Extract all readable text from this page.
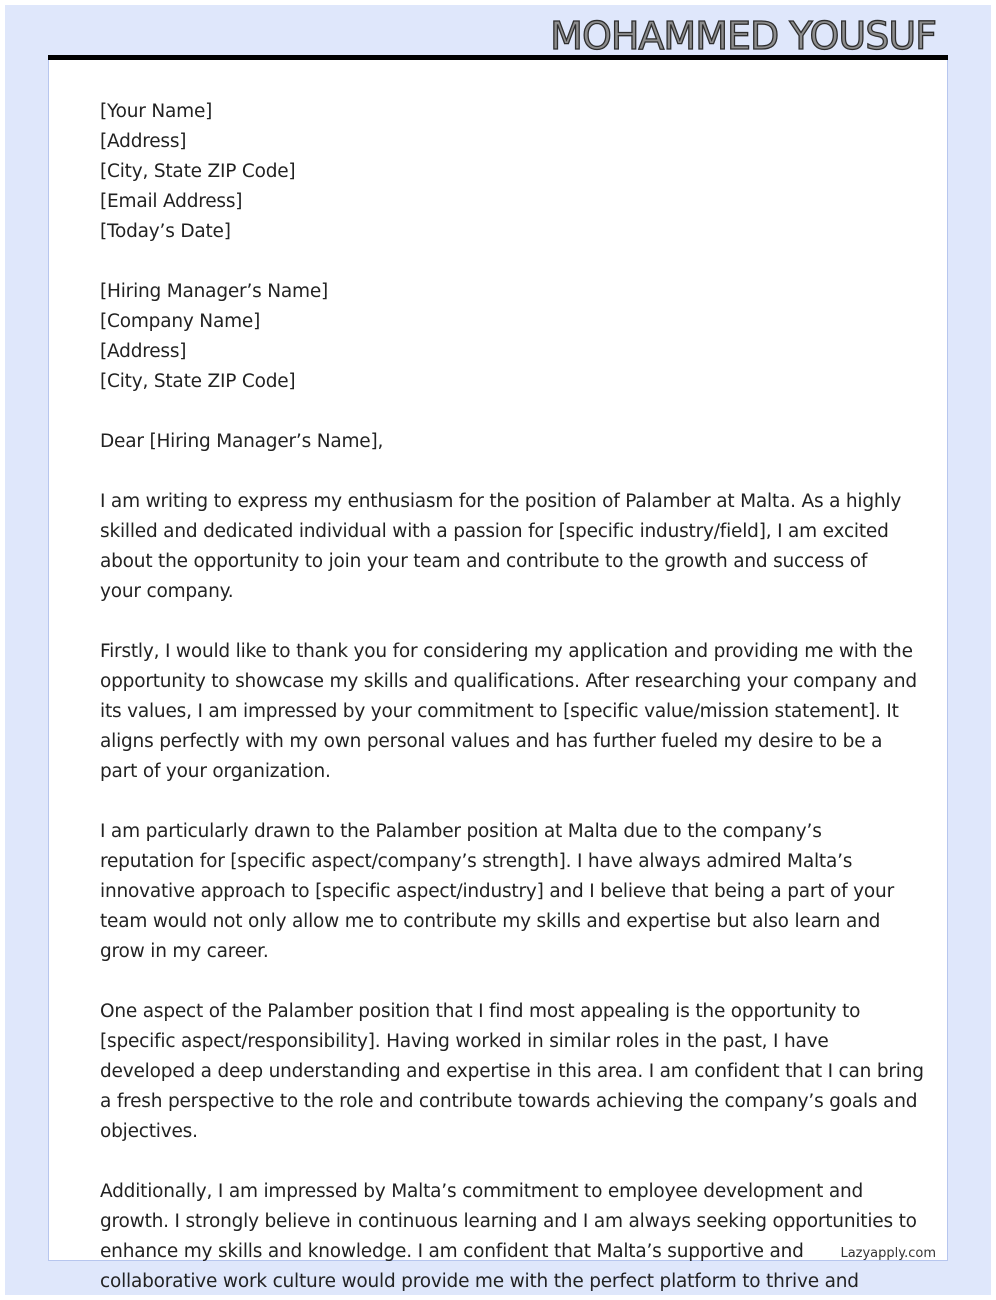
MOHAMMED YOUSUF
[Your Name]
[Address]
[City, State ZIP Code]
[Email Address]
[Today’s Date]
[Hiring Manager’s Name]
[Company Name]
[Address]
[City, State ZIP Code]
Dear [Hiring Manager’s Name],
I am writing to express my enthusiasm for the position of Palamber at Malta. As a highly
skilled and dedicated individual with a passion for [specific industry/field], I am excited
about the opportunity to join your team and contribute to the growth and success of
your company.
Firstly, I would like to thank you for considering my application and providing me with the
opportunity to showcase my skills and qualifications. After researching your company and
its values, I am impressed by your commitment to [specific value/mission statement]. It
aligns perfectly with my own personal values and has further fueled my desire to be a
part of your organization.
I am particularly drawn to the Palamber position at Malta due to the company’s
reputation for [specific aspect/company’s strength]. I have always admired Malta’s
innovative approach to [specific aspect/industry] and I believe that being a part of your
team would not only allow me to contribute my skills and expertise but also learn and
grow in my career.
One aspect of the Palamber position that I find most appealing is the opportunity to
[specific aspect/responsibility]. Having worked in similar roles in the past, I have
developed a deep understanding and expertise in this area. I am confident that I can bring
a fresh perspective to the role and contribute towards achieving the company’s goals and
objectives.
Additionally, I am impressed by Malta’s commitment to employee development and
growth. I strongly believe in continuous learning and I am always seeking opportunities to
enhance my skills and knowledge. I am confident that Malta’s supportive and
collaborative work culture would provide me with the perfect platform to thrive and
Lazyapply.com
